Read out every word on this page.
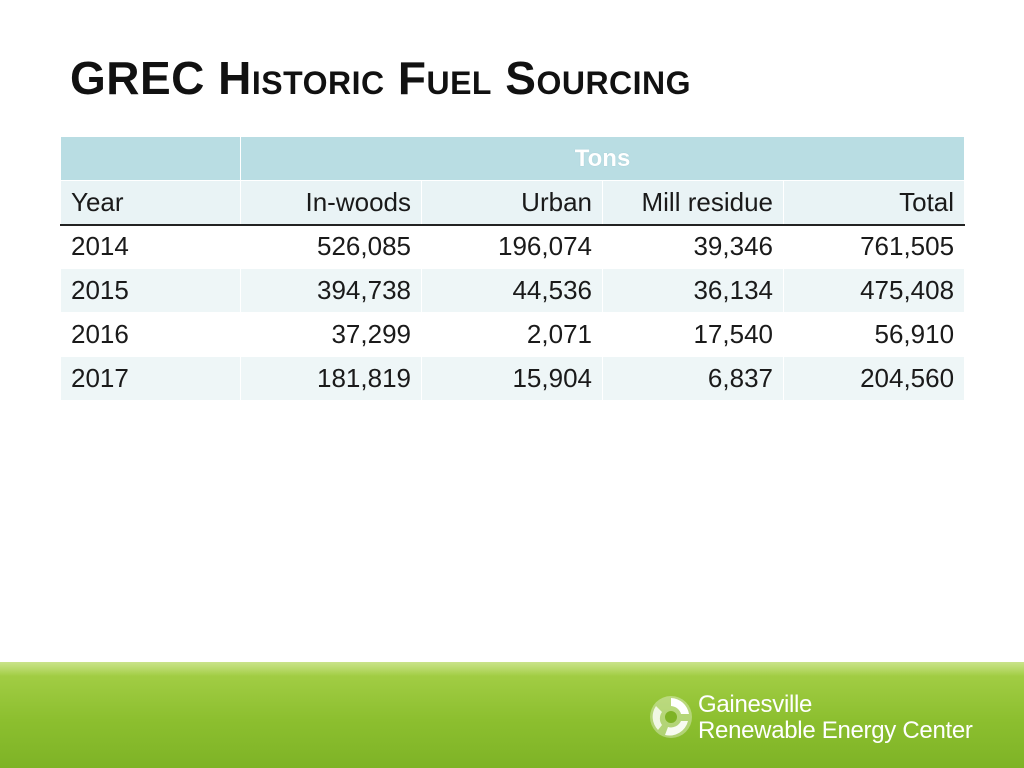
GREC Historic Fuel Sourcing
	Tons			
Year	In-woods	Urban	Mill residue	Total
2014	526,085	196,074	39,346	761,505
2015	394,738	44,536	36,134	475,408
2016	37,299	2,071	17,540	56,910
2017	181,819	15,904	6,837	204,560
Gainesville
Renewable Energy Center
